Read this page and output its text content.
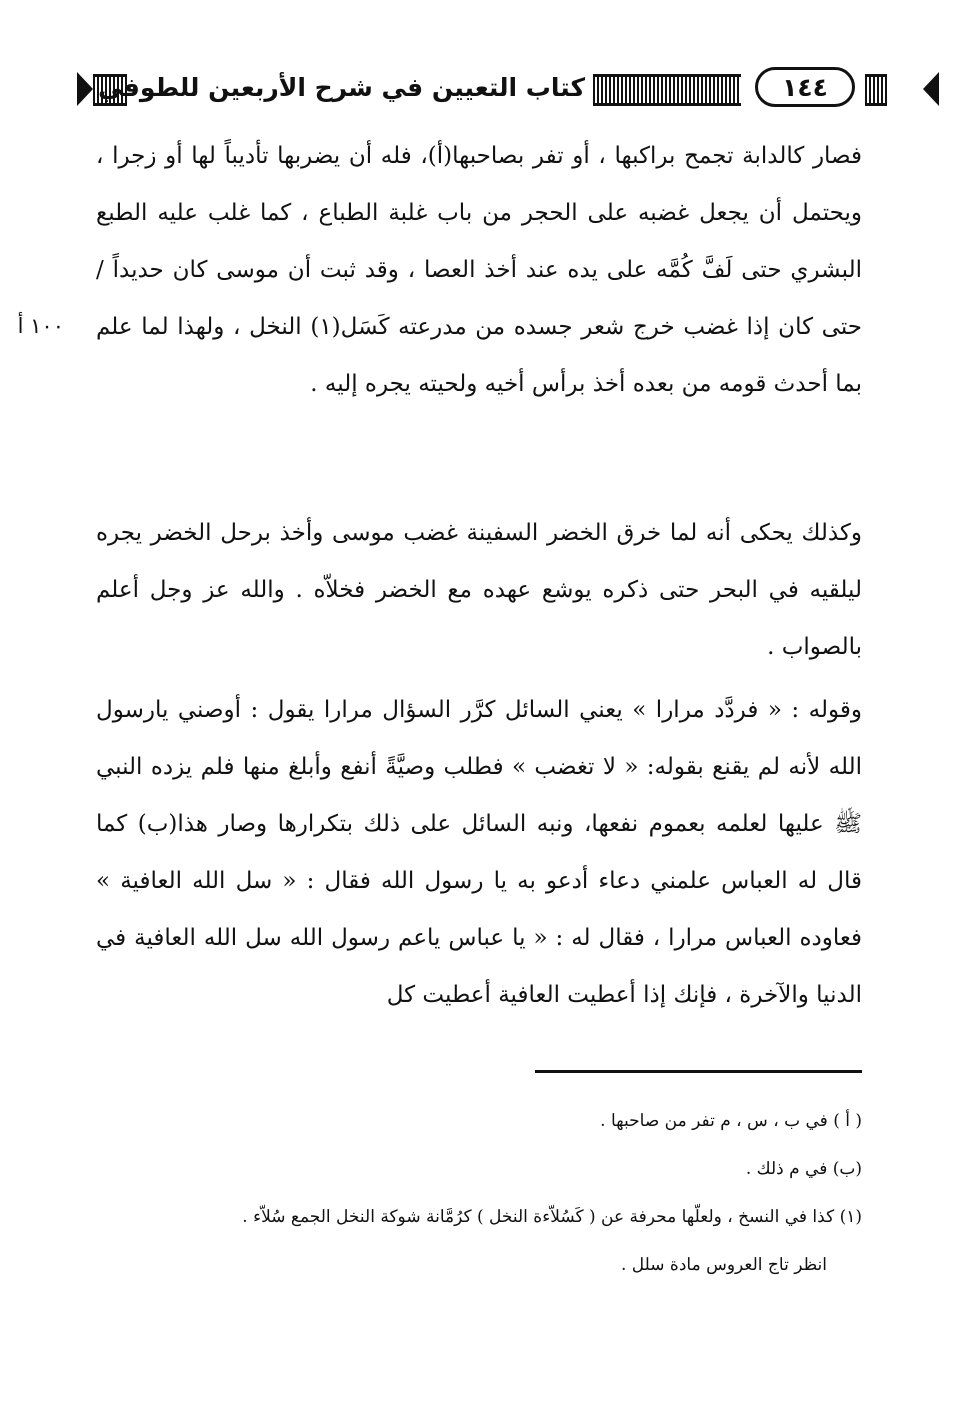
كتاب التعيين في شرح الأربعين للطوفي	١٤٤
١٠٠ أ

فصار كالدابة تجمح براكبها ، أو تفر بصاحبها(أ)، فله أن يضربها تأديباً لها أو زجرا ، ويحتمل أن يجعل غضبه على الحجر من باب غلبة الطباع ، كما غلب عليه الطبع البشري حتى لَفَّ كُمَّه على يده عند أخذ العصا ، وقد ثبت أن موسى كان حديداً / حتى كان إذا غضب خرج شعر جسده من مدرعته كَسَل(١) النخل ، ولهذا لما علم بما أحدث قومه من بعده أخذ برأس أخيه ولحيته يجره إليه .

وكذلك يحكى أنه لما خرق الخضر السفينة غضب موسى وأخذ برحل الخضر يجره ليلقيه في البحر حتى ذكره يوشع عهده مع الخضر فخلاّه . والله عز وجل أعلم بالصواب .

وقوله : « فردَّد مرارا » يعني السائل كرَّر السؤال مرارا يقول : أوصني يارسول الله لأنه لم يقنع بقوله: « لا تغضب » فطلب وصيَّةً أنفع وأبلغ منها فلم يزده النبي ﷺ عليها لعلمه بعموم نفعها، ونبه السائل على ذلك بتكرارها وصار هذا(ب) كما قال له العباس علمني دعاء أدعو به يا رسول الله فقال : « سل الله العافية » فعاوده العباس مرارا ، فقال له : « يا عباس ياعم رسول الله سل الله العافية في الدنيا والآخرة ، فإنك إذا أعطيت العافية أعطيت كل

( أ ) في ب ، س ، م تفر من صاحبها .

(ب) في م ذلك .

(١) كذا في النسخ ، ولعلّها محرفة عن ( كَسُلاّءة النخل ) كرُمَّانة شوكة النخل الجمع سُلاّء .

انظر تاج العروس مادة سلل .
